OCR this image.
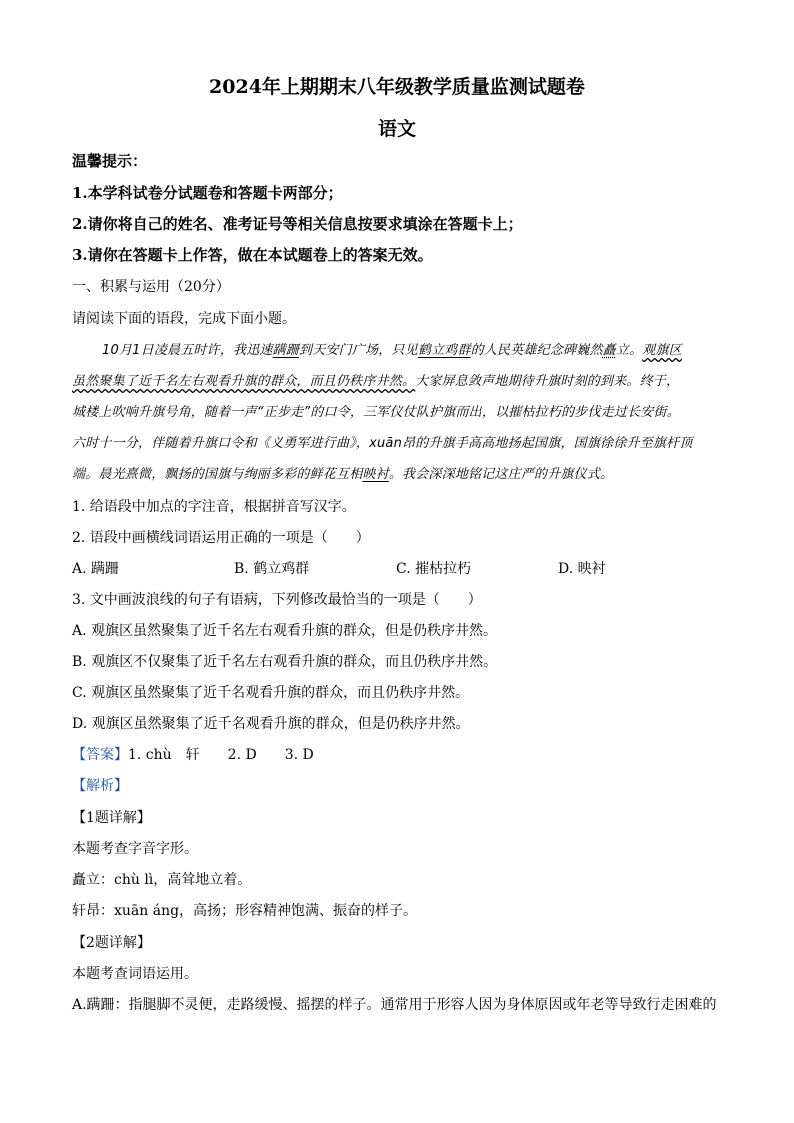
2024年上期期末八年级教学质量监测试题卷
语文
温馨提示：
1.本学科试卷分试题卷和答题卡两部分；
2.请你将自己的姓名、准考证号等相关信息按要求填涂在答题卡上；
3.请你在答题卡上作答，做在本试题卷上的答案无效。
一、积累与运用（20分）
请阅读下面的语段，完成下面小题。
10月1日凌晨五时许，我迅速蹒跚到天安门广场，只见鹤立鸡群的人民英雄纪念碑巍然矗立。观旗区
虽然聚集了近千名左右观看升旗的群众，而且仍秩序井然。大家屏息敛声地期待升旗时刻的到来。终于，
城楼上吹响升旗号角，随着一声“正步走”的口令，三军仪仗队护旗而出，以摧枯拉朽的步伐走过长安街。
六时十一分，伴随着升旗口令和《义勇军进行曲》，xuān昂的升旗手高高地扬起国旗，国旗徐徐升至旗杆顶
端。晨光熹微，飘扬的国旗与绚丽多彩的鲜花互相映衬。我会深深地铭记这庄严的升旗仪式。
1. 给语段中加点的字注音，根据拼音写汉字。
2. 语段中画横线词语运用正确的一项是（　　）
A. 蹒跚	B. 鹤立鸡群	C. 摧枯拉朽	D. 映衬
3. 文中画波浪线的句子有语病，下列修改最恰当的一项是（　　）
A. 观旗区虽然聚集了近千名左右观看升旗的群众，但是仍秩序井然。
B. 观旗区不仅聚集了近千名左右观看升旗的群众，而且仍秩序井然。
C. 观旗区虽然聚集了近千名观看升旗的群众，而且仍秩序井然。
D. 观旗区虽然聚集了近千名观看升旗的群众，但是仍秩序井然。
【答案】1. chù　轩　　2. D　　3. D
【解析】
【1题详解】
本题考查字音字形。
矗立：chù lì，高耸地立着。
轩昂：xuān áng，高扬；形容精神饱满、振奋的样子。
【2题详解】
本题考查词语运用。
A.蹒跚：指腿脚不灵便，走路缓慢、摇摆的样子。通常用于形容人因为身体原因或年老等导致行走困难的
